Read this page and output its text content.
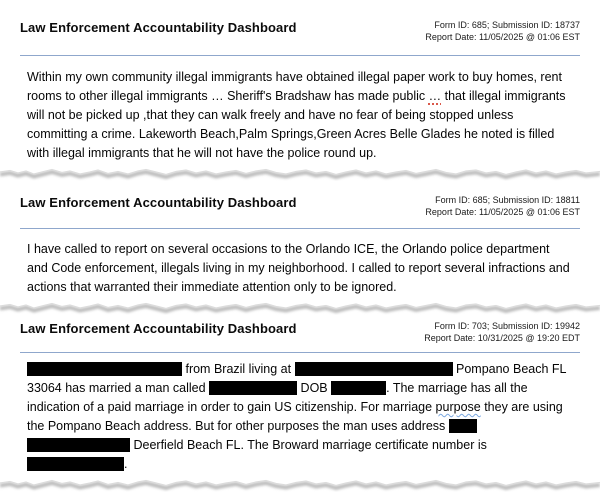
Law Enforcement Accountability Dashboard	Form ID: 685; Submission ID: 18737
Report Date: 11/05/2025 @ 01:06 EST

Within my own community illegal immigrants have obtained illegal paper work to buy homes, rent rooms to other illegal immigrants … Sheriff's Bradshaw has made public … that illegal immigrants will not be picked up ,that they can walk freely and have no fear of being stopped unless committing a crime. Lakeworth Beach,Palm Springs,Green Acres Belle Glades he noted is filled with illegal immigrants that he will not have the police round up.

Law Enforcement Accountability Dashboard	Form ID: 685; Submission ID: 18811
Report Date: 11/05/2025 @ 01:06 EST

I have called to report on several occasions to the Orlando ICE, the Orlando police department and Code enforcement, illegals living in my neighborhood. I called to report several infractions and actions that warranted their immediate attention only to be ignored.

Law Enforcement Accountability Dashboard	Form ID: 703; Submission ID: 19942
Report Date: 10/31/2025 @ 19:20 EDT

from Brazil living at	Pompano Beach FL 33064 has married a man called	DOB	. The marriage has all the indication of a paid marriage in order to gain US citizenship. For marriage purpose they are using the Pompano Beach address. But for other purposes the man uses address   Deerfield Beach FL. The Broward marriage certificate number is .
